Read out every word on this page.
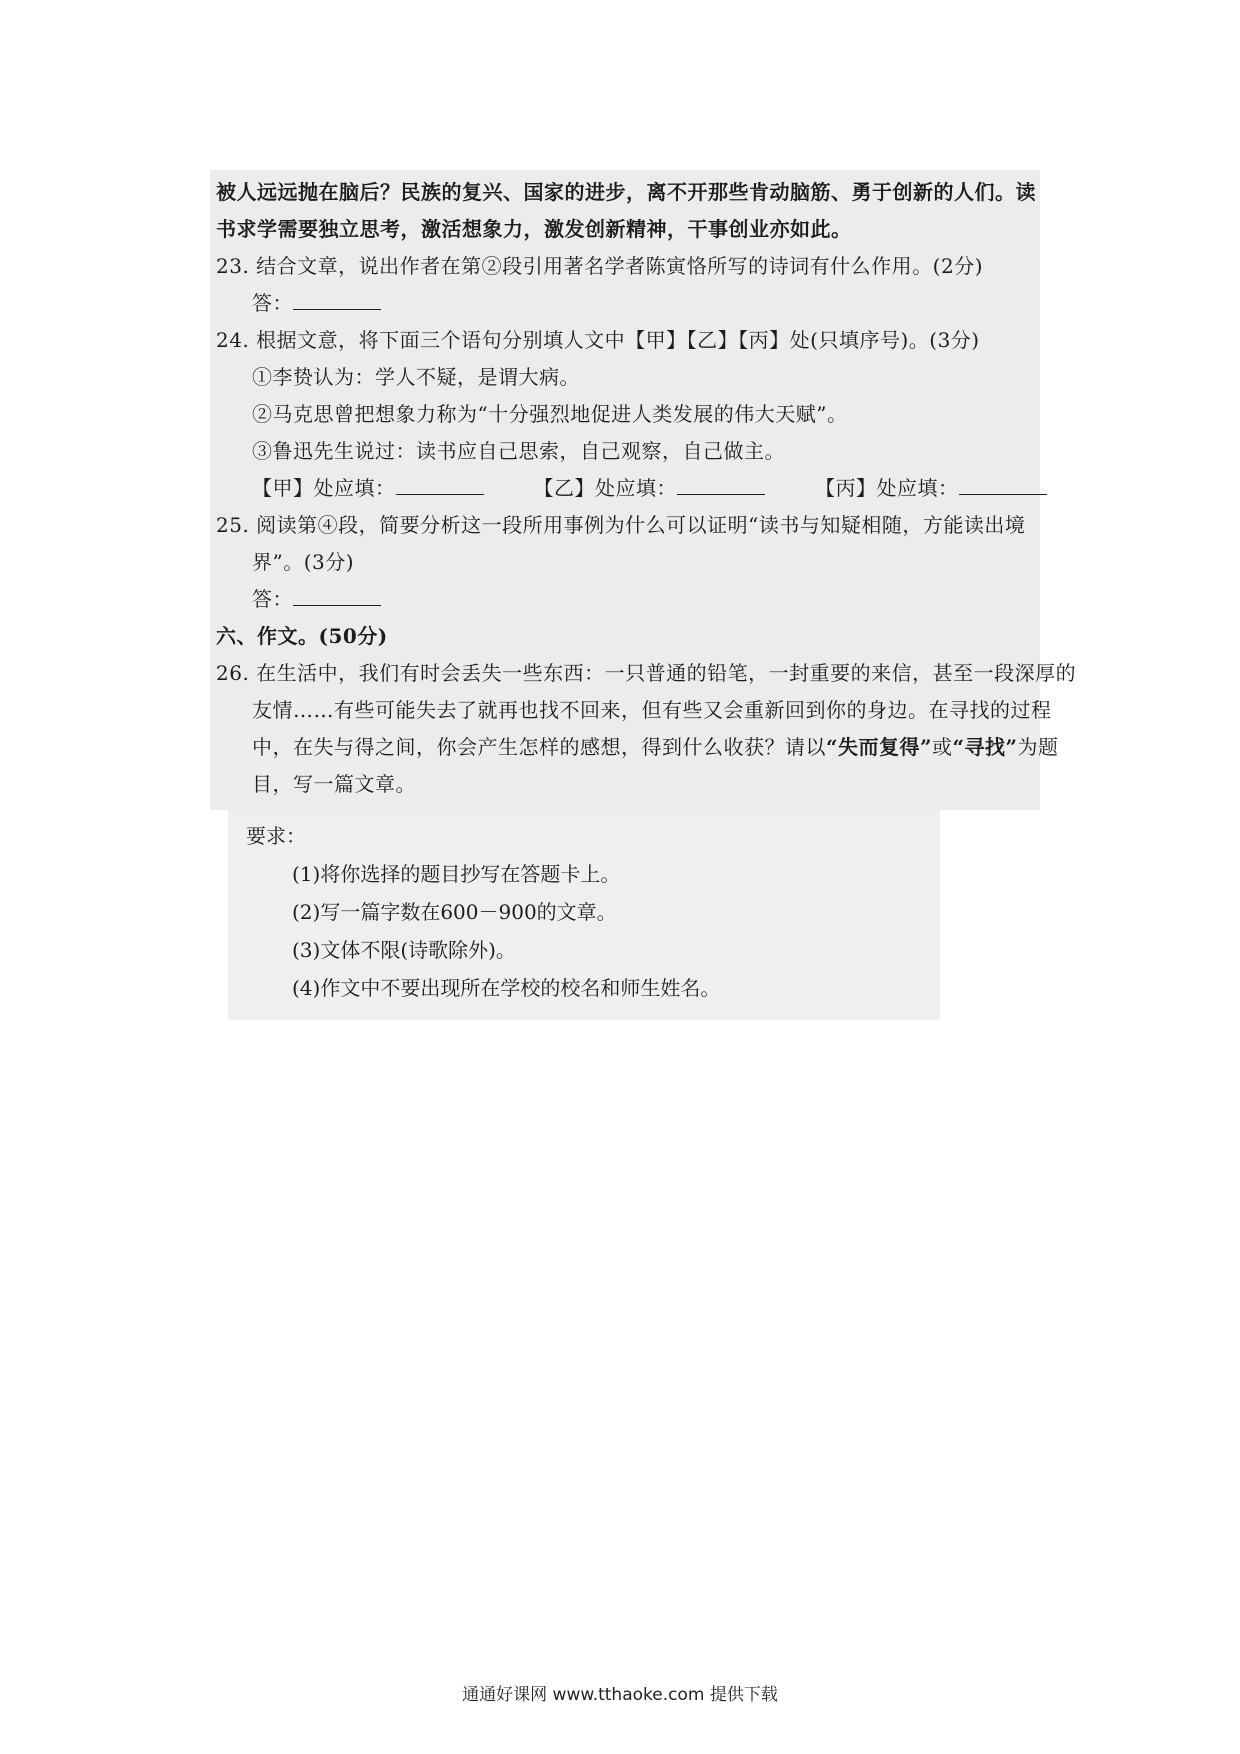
被人远远抛在脑后？民族的复兴、国家的进步，离不开那些肯动脑筋、勇于创新的人们。读
书求学需要独立思考，激活想象力，激发创新精神，干事创业亦如此。
23. 结合文章，说出作者在第②段引用著名学者陈寅恪所写的诗词有什么作用。(2分)
答：
24. 根据文意，将下面三个语句分别填人文中【甲】【乙】【丙】处(只填序号)。(3分)
①李贽认为：学人不疑，是谓大病。
②马克思曾把想象力称为“十分强烈地促进人类发展的伟大天赋”。
③鲁迅先生说过：读书应自己思索，自己观察，自己做主。
【甲】处应填：	【乙】处应填：	【丙】处应填：
25. 阅读第④段，简要分析这一段所用事例为什么可以证明“读书与知疑相随，方能读出境
界”。(3分)
答：
六、作文。(50分)
26. 在生活中，我们有时会丢失一些东西：一只普通的铅笔，一封重要的来信，甚至一段深厚的
友情……有些可能失去了就再也找不回来，但有些又会重新回到你的身边。在寻找的过程
中，在失与得之间，你会产生怎样的感想，得到什么收获？请以“失而复得”或“寻找”为题
目，写一篇文章。
要求：
(1)将你选择的题目抄写在答题卡上。
(2)写一篇字数在600－900的文章。
(3)文体不限(诗歌除外)。
(4)作文中不要出现所在学校的校名和师生姓名。
通通好课网 www.tthaoke.com 提供下载
